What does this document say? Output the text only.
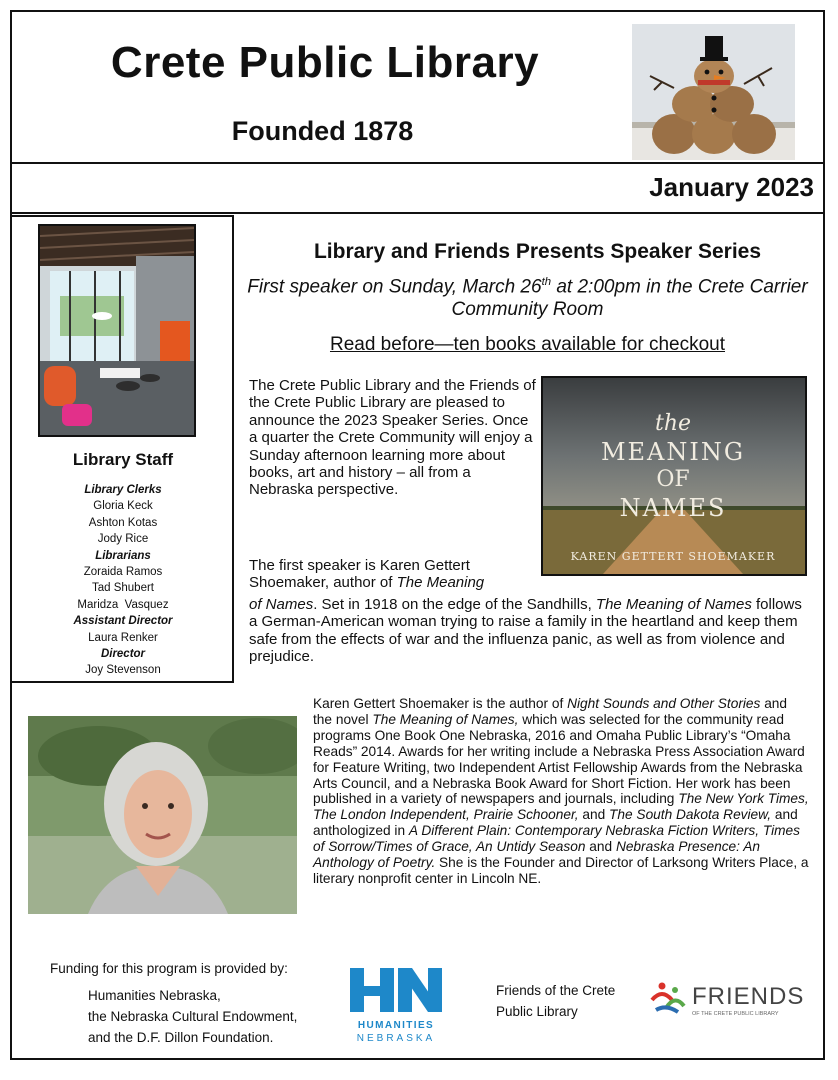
Crete Public Library
Founded 1878
January 2023
Library Staff
Library Clerks
Gloria Keck
Ashton Kotas
Jody Rice
Librarians
Zoraida Ramos
Tad Shubert
Maridza  Vasquez
Assistant Director
Laura Renker
Director
Joy Stevenson
Library and Friends Presents Speaker Series
First speaker on Sunday, March 26th at 2:00pm in the Crete Carrier Community Room
Read before—ten books available for checkout
The Crete Public Library and the Friends of the Crete Public Library are pleased to announce the 2023 Speaker Series. Once a quarter the Crete Community will enjoy a Sunday afternoon learning more about books, art and history – all from a Nebraska perspective.
the
MEANING
OF
NAMES
KAREN GETTERT SHOEMAKER
The first speaker is Karen Gettert Shoemaker, author of The Meaning
of Names. Set in 1918 on the edge of the Sandhills, The Meaning of Names follows a German-American woman trying to raise a family in the heartland and keep them safe from the effects of war and the influenza panic, as well as from violence and prejudice.
Karen Gettert Shoemaker is the author of Night Sounds and Other Stories and the novel The Meaning of Names, which was selected for the community read programs One Book One Nebraska, 2016 and Omaha Public Library’s “Omaha Reads” 2014. Awards for her writing include a Nebraska Press Association Award for Feature Writing, two Independent Artist Fellowship Awards from the Nebraska Arts Council, and a Nebraska Book Award for Short Fiction. Her work has been published in a variety of newspapers and journals, including The New York Times, The London Independent, Prairie Schooner, and The South Dakota Review, and anthologized in A Different Plain: Contemporary Nebraska Fiction Writers, Times of Sorrow/Times of Grace, An Untidy Season and Nebraska Presence: An Anthology of Poetry. She is the Founder and Director of Larksong Writers Place, a literary nonprofit center in Lincoln NE.
Funding for this program is provided by:
Humanities Nebraska,
the Nebraska Cultural Endowment,
and the D.F. Dillon Foundation.
HUMANITIES
NEBRASKA
Friends of the Crete
Public Library
FRIENDS
OF THE CRETE PUBLIC LIBRARY
